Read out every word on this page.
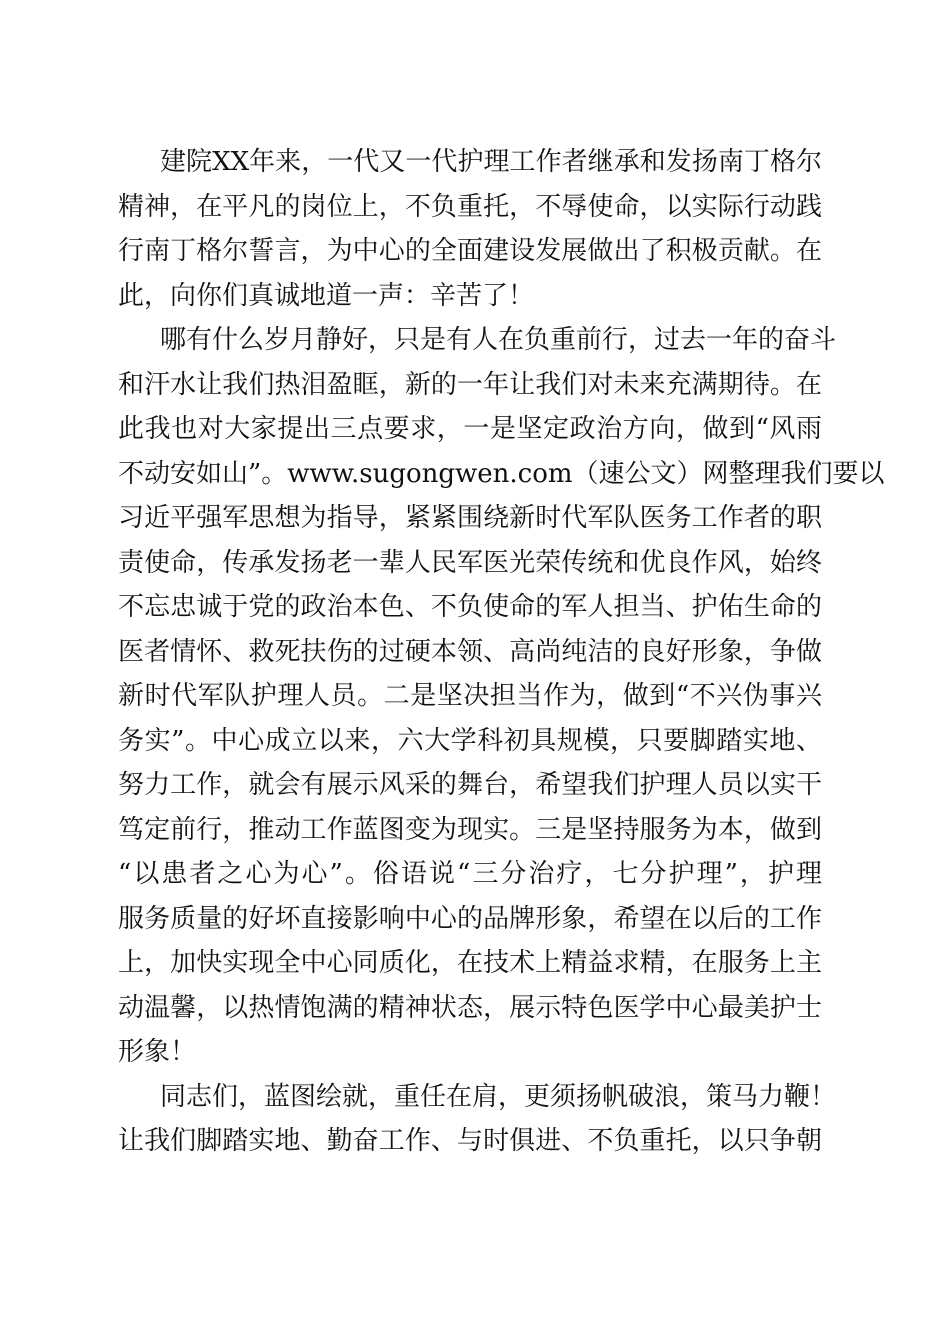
建院XX年来，一代又一代护理工作者继承和发扬南丁格尔
精神，在平凡的岗位上，不负重托，不辱使命，以实际行动践
行南丁格尔誓言，为中心的全面建设发展做出了积极贡献。在
此，向你们真诚地道一声：辛苦了！
哪有什么岁月静好，只是有人在负重前行，过去一年的奋斗
和汗水让我们热泪盈眶，新的一年让我们对未来充满期待。在
此我也对大家提出三点要求，一是坚定政治方向，做到“风雨
不动安如山”。www.sugongwen.com（速公文）网整理我们要以
习近平强军思想为指导，紧紧围绕新时代军队医务工作者的职
责使命，传承发扬老一辈人民军医光荣传统和优良作风，始终
不忘忠诚于党的政治本色、不负使命的军人担当、护佑生命的
医者情怀、救死扶伤的过硬本领、高尚纯洁的良好形象，争做
新时代军队护理人员。二是坚决担当作为，做到“不兴伪事兴
务实”。中心成立以来，六大学科初具规模，只要脚踏实地、
努力工作，就会有展示风采的舞台，希望我们护理人员以实干
笃定前行，推动工作蓝图变为现实。三是坚持服务为本，做到
“以患者之心为心”。俗语说“三分治疗，七分护理”，护理
服务质量的好坏直接影响中心的品牌形象，希望在以后的工作
上，加快实现全中心同质化，在技术上精益求精，在服务上主
动温馨，以热情饱满的精神状态，展示特色医学中心最美护士
形象！
同志们，蓝图绘就，重任在肩，更须扬帆破浪，策马力鞭！
让我们脚踏实地、勤奋工作、与时俱进、不负重托，以只争朝
